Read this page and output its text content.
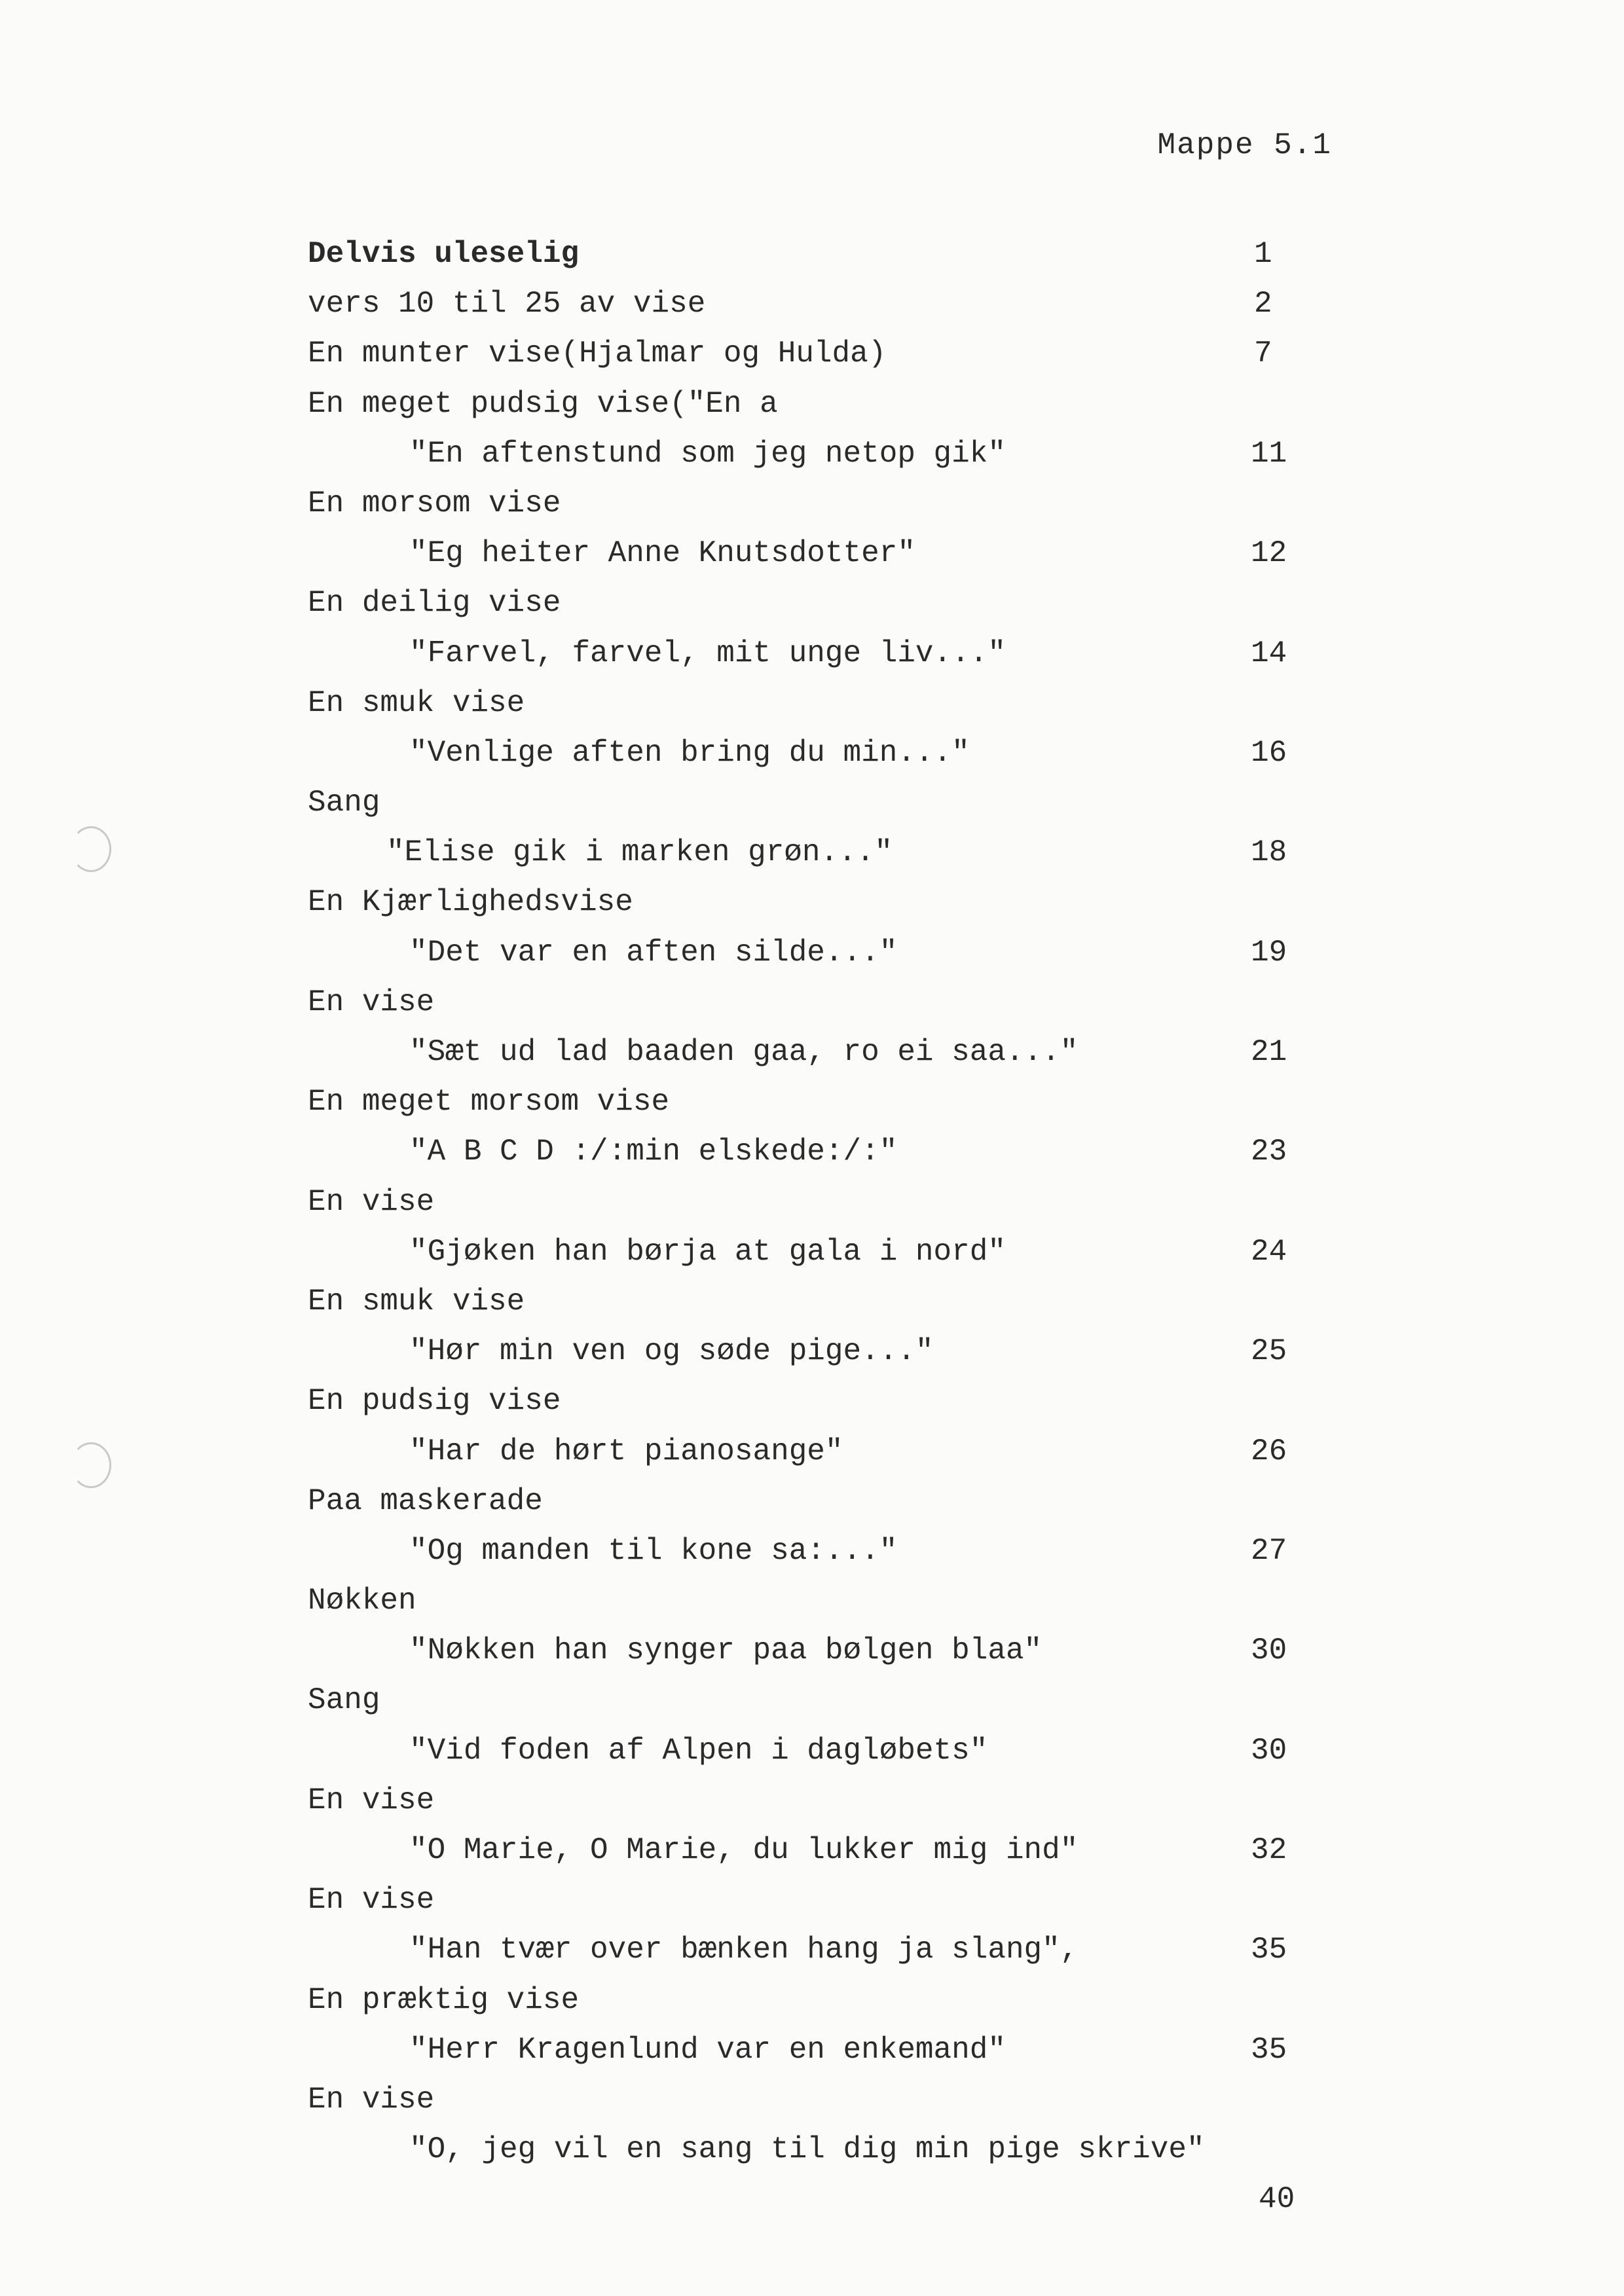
Mappe 5.1
Delvis uleselig	1
vers 10 til 25 av vise	2
En munter vise(Hjalmar og Hulda)	7
En meget pudsig vise("En a
"En aftenstund som jeg netop gik"	11
En morsom vise
"Eg heiter Anne Knutsdotter"	12
En deilig vise
"Farvel, farvel, mit unge liv..."	14
En smuk vise
"Venlige aften bring du min..."	16
Sang
"Elise gik i marken grøn..."	18
En Kjærlighedsvise
"Det var en aften silde..."	19
En vise
"Sæt ud lad baaden gaa, ro ei saa..."	21
En meget morsom vise
"A B C D :/:min elskede:/:"	23
En vise
"Gjøken han børja at gala i nord"	24
En smuk vise
"Hør min ven og søde pige..."	25
En pudsig vise
"Har de hørt pianosange"	26
Paa maskerade
"Og manden til kone sa:..."	27
Nøkken
"Nøkken han synger paa bølgen blaa"	30
Sang
"Vid foden af Alpen i dagløbets"	30
En vise
"O Marie, O Marie, du lukker mig ind"	32
En vise
"Han tvær over bænken hang ja slang",	35
En præktig vise
"Herr Kragenlund var en enkemand"	35
En vise
"O, jeg vil en sang til dig min pige skrive"
40
